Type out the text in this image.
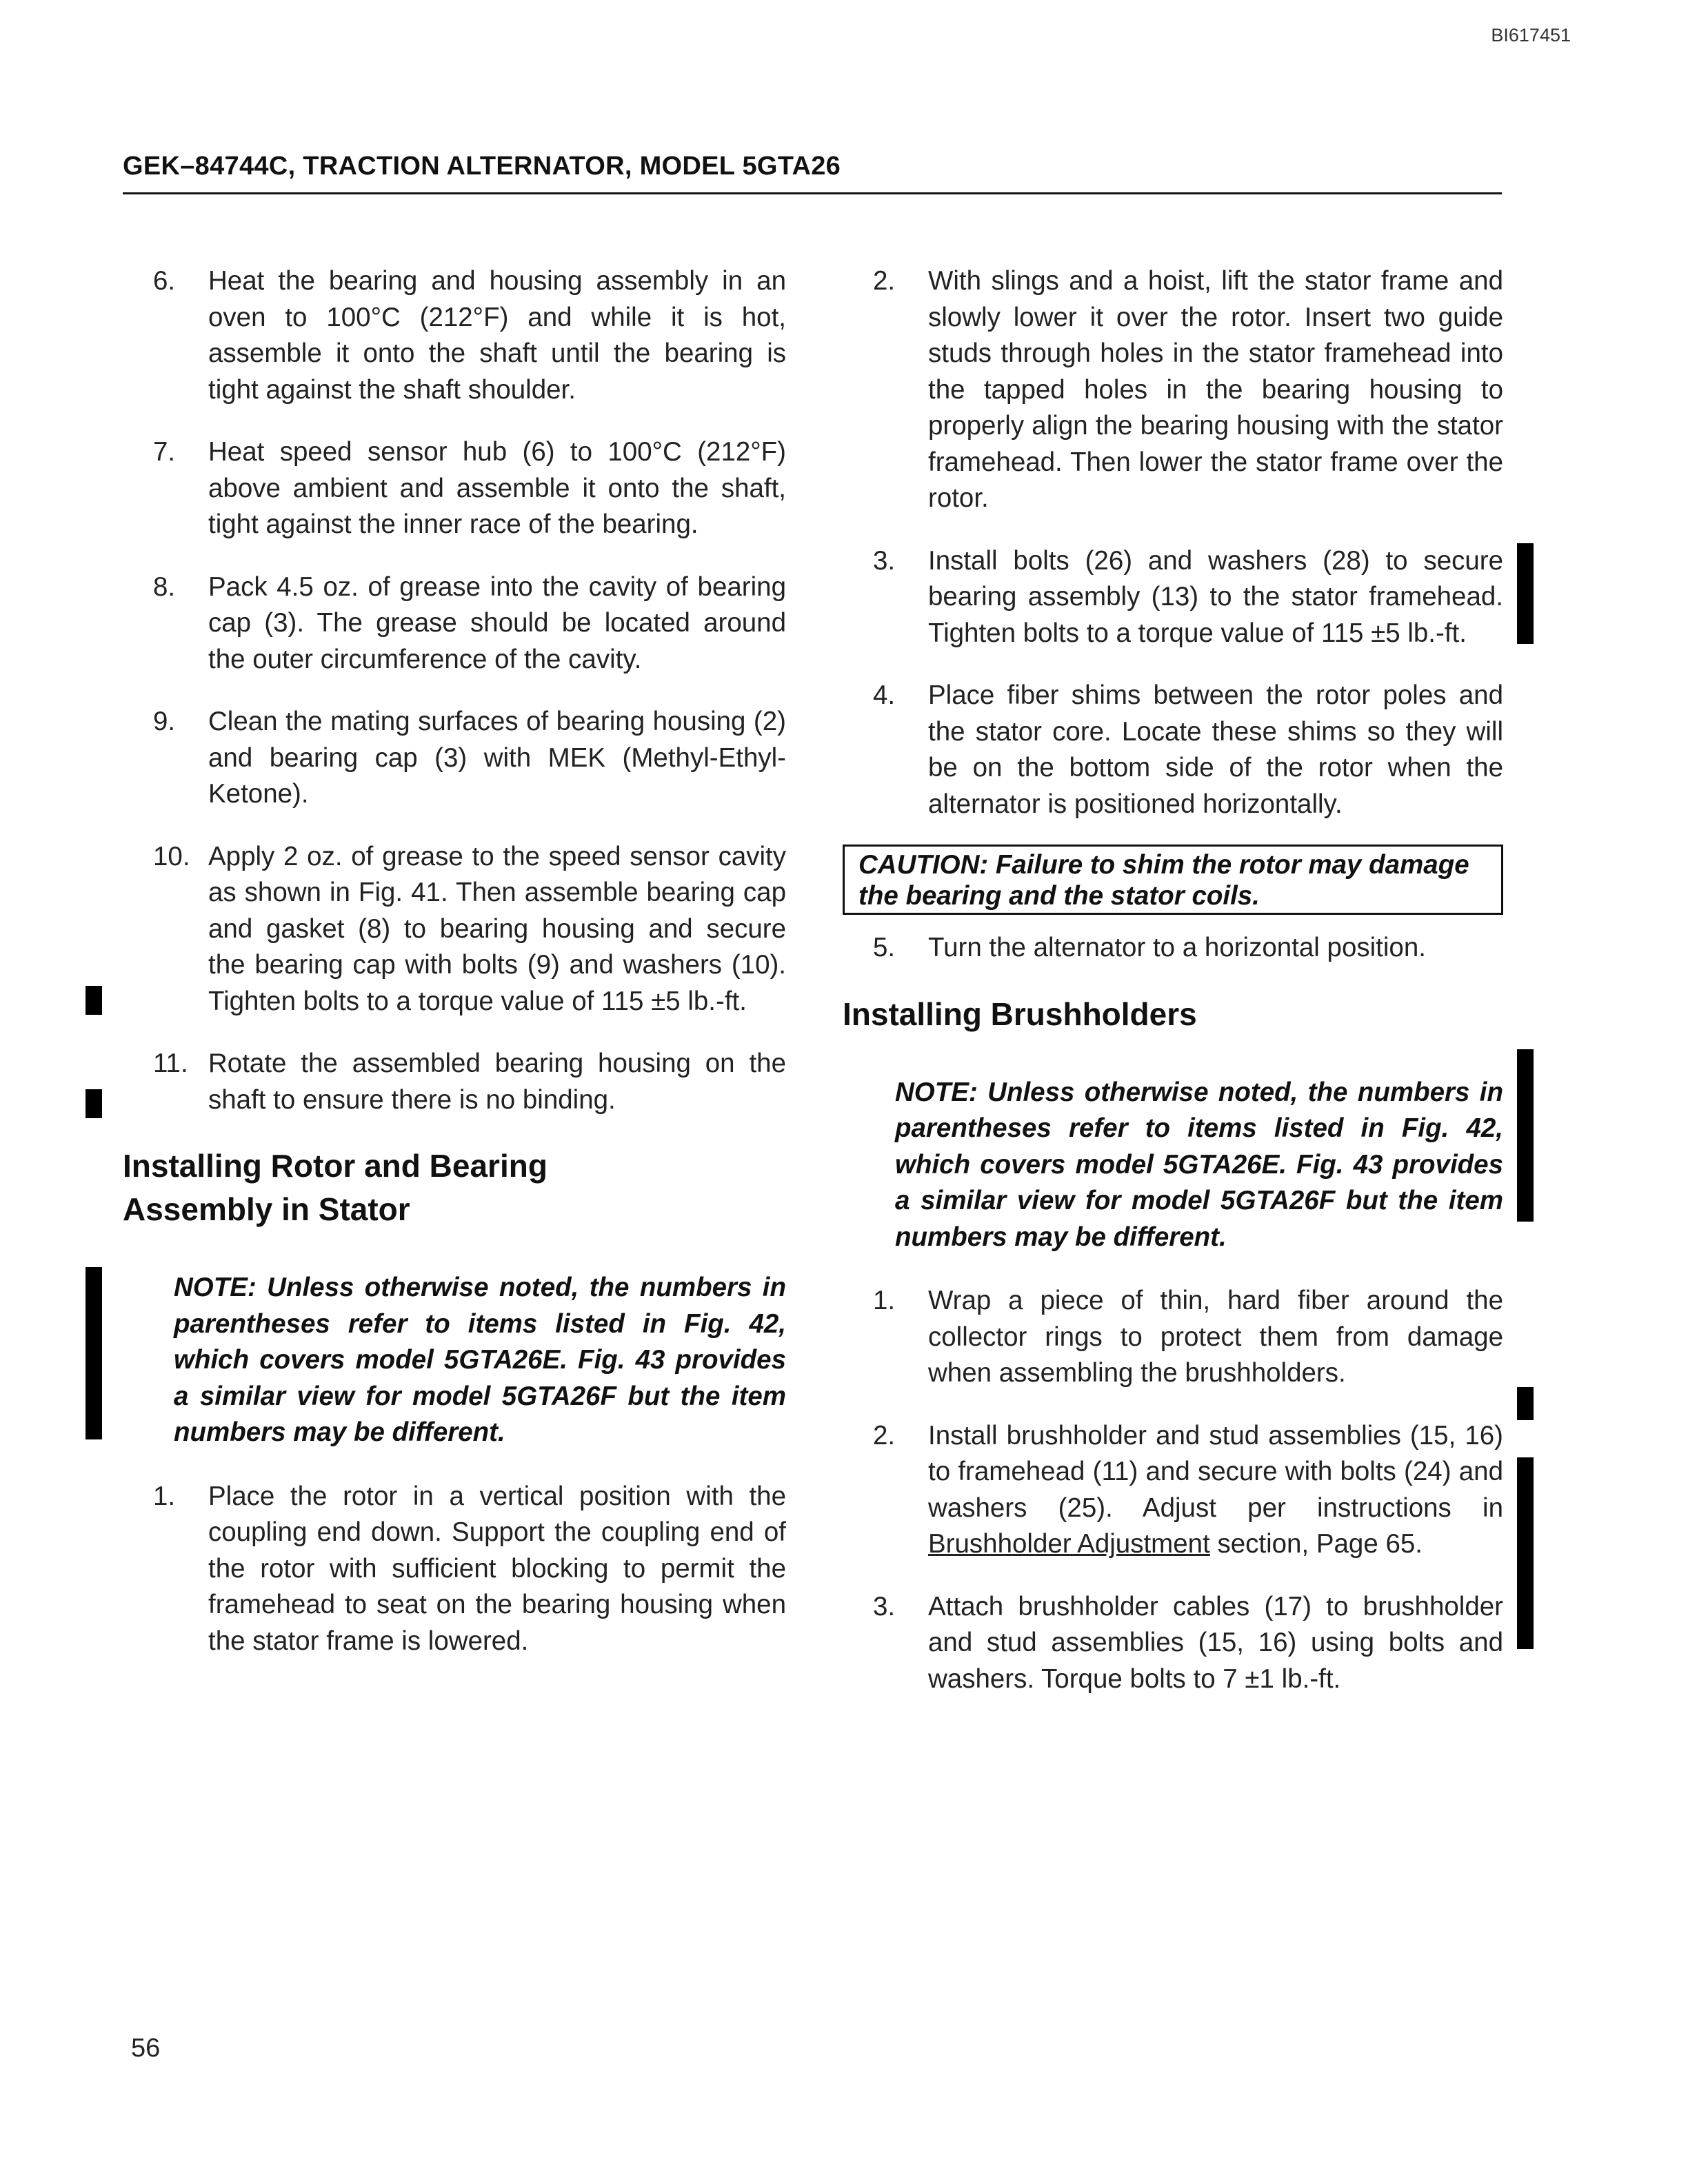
BI617451
GEK–84744C, TRACTION ALTERNATOR, MODEL 5GTA26
6. Heat the bearing and housing assembly in an oven to 100°C (212°F) and while it is hot, assemble it onto the shaft until the bearing is tight against the shaft shoulder.
7. Heat speed sensor hub (6) to 100°C (212°F) above ambient and assemble it onto the shaft, tight against the inner race of the bearing.
8. Pack 4.5 oz. of grease into the cavity of bearing cap (3). The grease should be located around the outer circumference of the cavity.
9. Clean the mating surfaces of bearing housing (2) and bearing cap (3) with MEK (Methyl-Ethyl-Ketone).
10. Apply 2 oz. of grease to the speed sensor cavity as shown in Fig. 41. Then assemble bearing cap and gasket (8) to bearing housing and secure the bearing cap with bolts (9) and washers (10). Tighten bolts to a torque value of 115 ±5 lb.-ft.
11. Rotate the assembled bearing housing on the shaft to ensure there is no binding.
Installing Rotor and Bearing
Assembly in Stator
NOTE: Unless otherwise noted, the numbers in parentheses refer to items listed in Fig. 42, which covers model 5GTA26E. Fig. 43 provides a similar view for model 5GTA26F but the item numbers may be different.
1. Place the rotor in a vertical position with the coupling end down. Support the coupling end of the rotor with sufficient blocking to permit the framehead to seat on the bearing housing when the stator frame is lowered.
2. With slings and a hoist, lift the stator frame and slowly lower it over the rotor. Insert two guide studs through holes in the stator framehead into the tapped holes in the bearing housing to properly align the bearing housing with the stator framehead. Then lower the stator frame over the rotor.
3. Install bolts (26) and washers (28) to secure bearing assembly (13) to the stator framehead. Tighten bolts to a torque value of 115 ±5 lb.-ft.
4. Place fiber shims between the rotor poles and the stator core. Locate these shims so they will be on the bottom side of the rotor when the alternator is positioned horizontally.
CAUTION: Failure to shim the rotor may damage the bearing and the stator coils.
5. Turn the alternator to a horizontal position.
Installing Brushholders
NOTE: Unless otherwise noted, the numbers in parentheses refer to items listed in Fig. 42, which covers model 5GTA26E. Fig. 43 provides a similar view for model 5GTA26F but the item numbers may be different.
1. Wrap a piece of thin, hard fiber around the collector rings to protect them from damage when assembling the brushholders.
2. Install brushholder and stud assemblies (15, 16) to framehead (11) and secure with bolts (24) and washers (25). Adjust per instructions in Brushholder Adjustment section, Page 65.
3. Attach brushholder cables (17) to brushholder and stud assemblies (15, 16) using bolts and washers. Torque bolts to 7 ±1 lb.-ft.
56
